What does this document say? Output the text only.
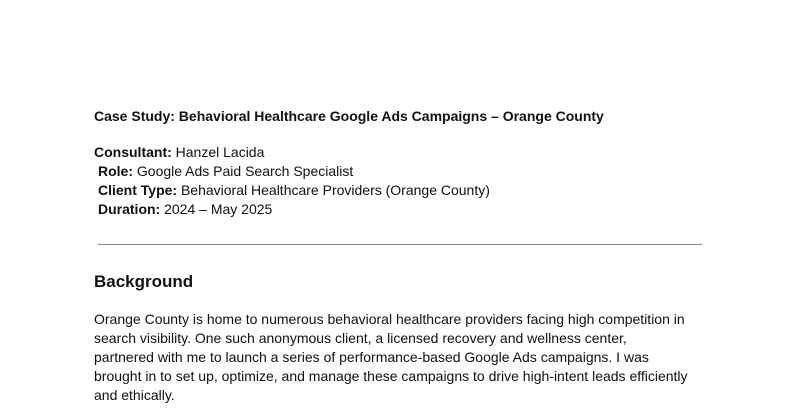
Case Study: Behavioral Healthcare Google Ads Campaigns – Orange County
Consultant: Hanzel Lacida
Role: Google Ads Paid Search Specialist
Client Type: Behavioral Healthcare Providers (Orange County)
Duration: 2024 – May 2025
Background

Orange County is home to numerous behavioral healthcare providers facing high competition in
search visibility. One such anonymous client, a licensed recovery and wellness center,
partnered with me to launch a series of performance-based Google Ads campaigns. I was
brought in to set up, optimize, and manage these campaigns to drive high-intent leads efficiently
and ethically.
